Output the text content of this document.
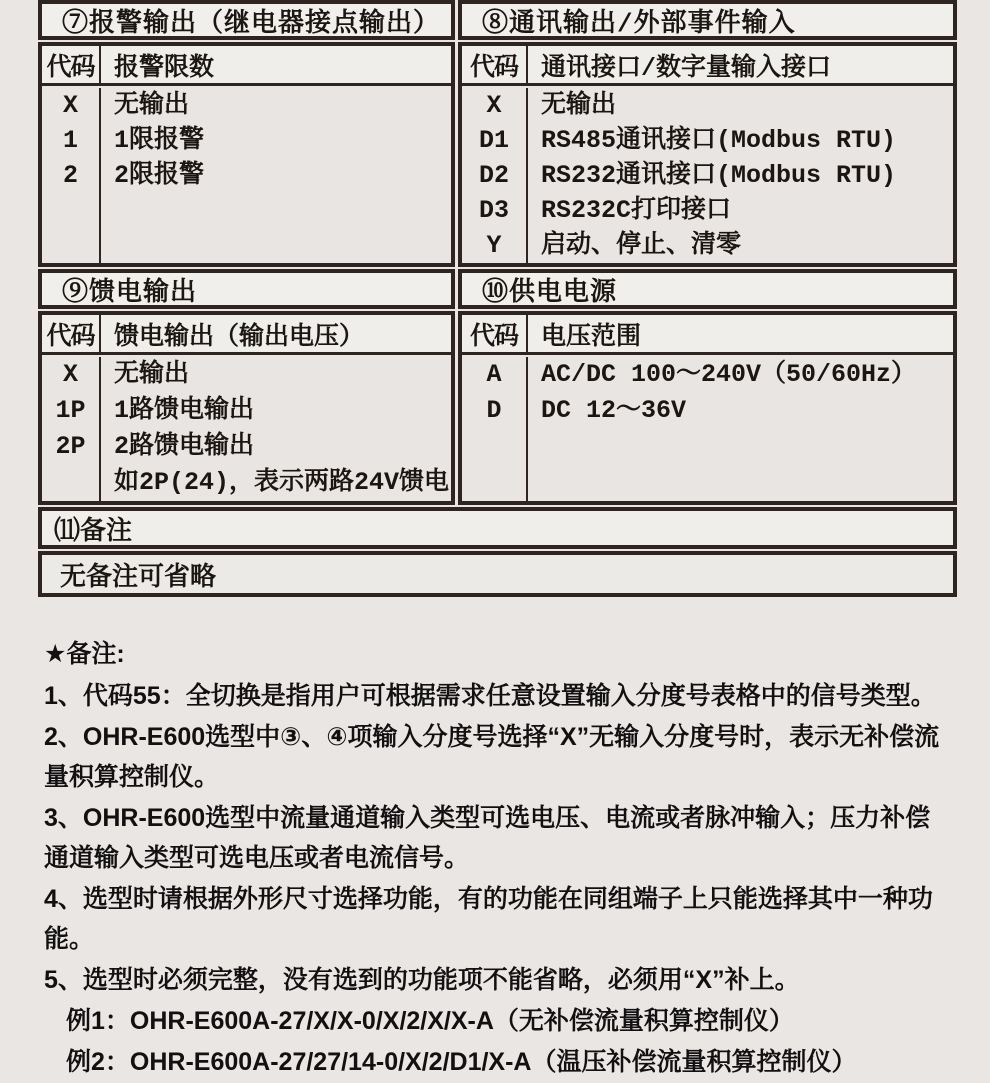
⑦报警输出（继电器接点输出） ⑧通讯输出/外部事件输入
代码 报警限数
X
1
2
无输出
1限报警
2限报警
代码 通讯接口/数字量输入接口
X
D1
D2
D3
Y
无输出
RS485通讯接口(Modbus RTU)
RS232通讯接口(Modbus RTU)
RS232C打印接口
启动、停止、清零
⑨馈电输出	⑩供电电源
代码 馈电输出（输出电压）
X
1P
2P
无输出
1路馈电输出
2路馈电输出
如2P(24)，表示两路24V馈电
代码 电压范围
A
D
AC/DC 100～240V（50/60Hz）
DC 12～36V
⑾备注
无备注可省略
★备注:
1、代码55：全切换是指用户可根据需求任意设置输入分度号表格中的信号类型。
2、OHR-E600选型中③、④项输入分度号选择“X”无输入分度号时，表示无补偿流量积算控制仪。
3、OHR-E600选型中流量通道输入类型可选电压、电流或者脉冲输入；压力补偿通道输入类型可选电压或者电流信号。
4、选型时请根据外形尺寸选择功能，有的功能在同组端子上只能选择其中一种功能。
5、选型时必须完整，没有选到的功能项不能省略，必须用“X”补上。
例1：OHR-E600A-27/X/X-0/X/2/X/X-A（无补偿流量积算控制仪）
例2：OHR-E600A-27/27/14-0/X/2/D1/X-A（温压补偿流量积算控制仪）
